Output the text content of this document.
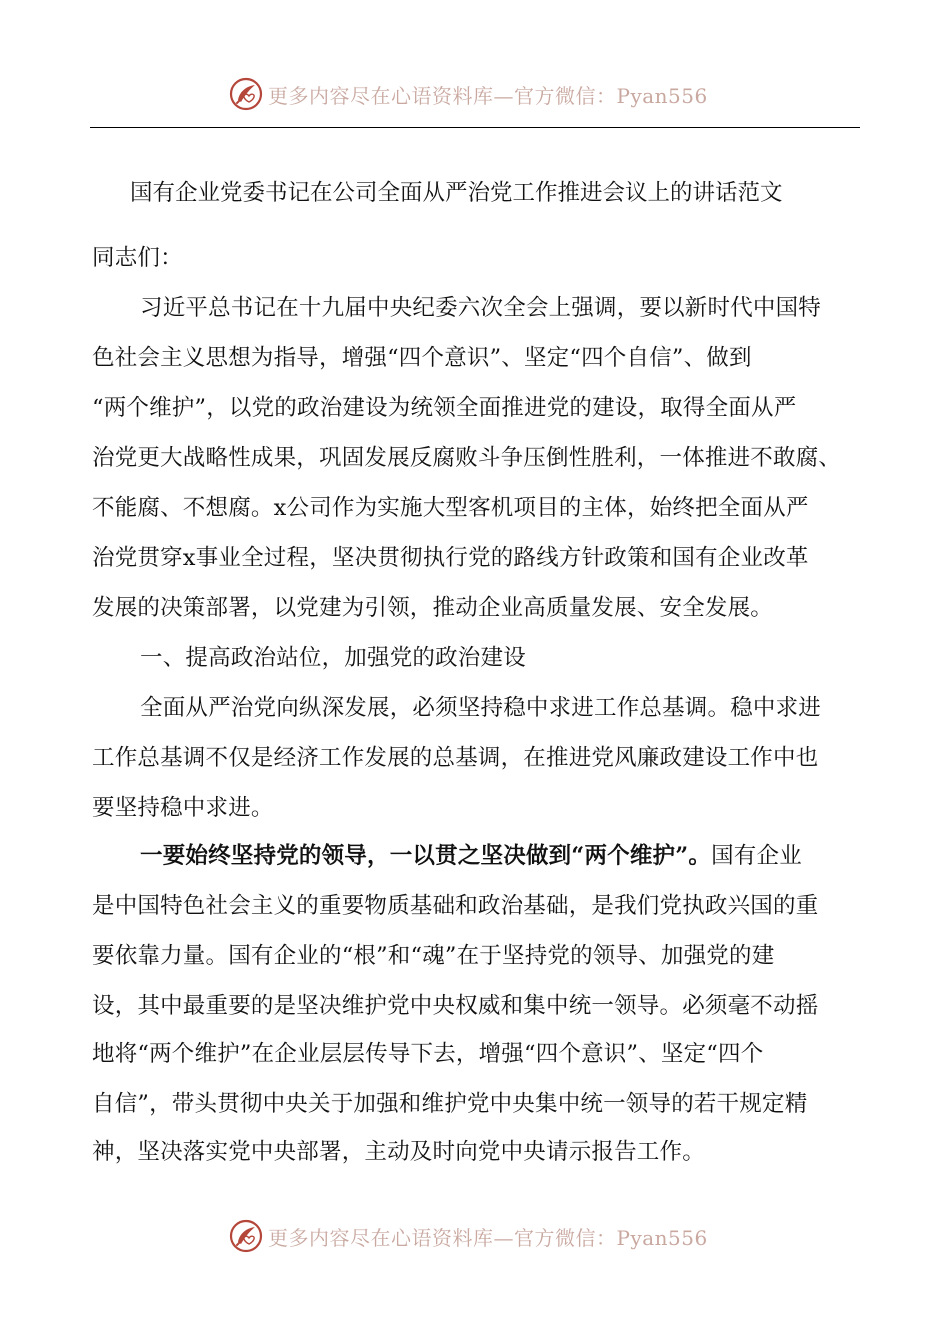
更多内容尽在心语资料库—官方微信：Pyan556
国有企业党委书记在公司全面从严治党工作推进会议上的讲话范文
同志们：
习近平总书记在十九届中央纪委六次全会上强调，要以新时代中国特
色社会主义思想为指导，增强“四个意识”、坚定“四个自信”、做到
“两个维护”，以党的政治建设为统领全面推进党的建设，取得全面从严
治党更大战略性成果，巩固发展反腐败斗争压倒性胜利，一体推进不敢腐、
不能腐、不想腐。x公司作为实施大型客机项目的主体，始终把全面从严
治党贯穿x事业全过程，坚决贯彻执行党的路线方针政策和国有企业改革
发展的决策部署，以党建为引领，推动企业高质量发展、安全发展。
一、提高政治站位，加强党的政治建设
全面从严治党向纵深发展，必须坚持稳中求进工作总基调。稳中求进
工作总基调不仅是经济工作发展的总基调，在推进党风廉政建设工作中也
要坚持稳中求进。
一要始终坚持党的领导，一以贯之坚决做到“两个维护”。国有企业
是中国特色社会主义的重要物质基础和政治基础，是我们党执政兴国的重
要依靠力量。国有企业的“根”和“魂”在于坚持党的领导、加强党的建
设，其中最重要的是坚决维护党中央权威和集中统一领导。必须毫不动摇
地将“两个维护”在企业层层传导下去，增强“四个意识”、坚定“四个
自信”，带头贯彻中央关于加强和维护党中央集中统一领导的若干规定精
神，坚决落实党中央部署，主动及时向党中央请示报告工作。
更多内容尽在心语资料库—官方微信：Pyan556
